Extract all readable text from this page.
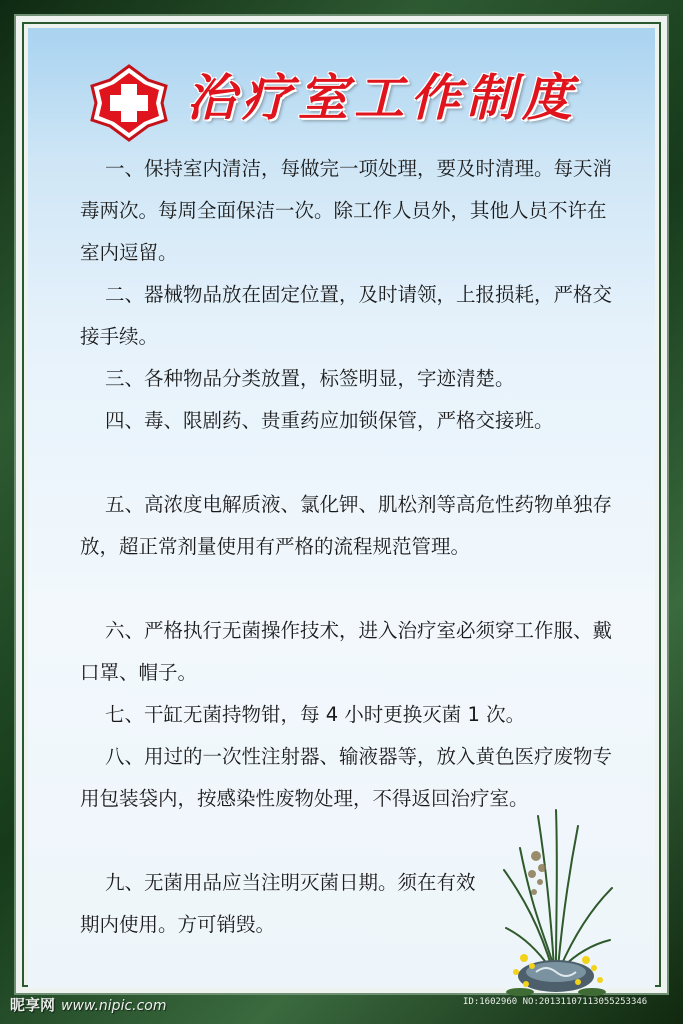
治疗室工作制度

一、保持室内清洁，每做完一项处理，要及时清理。每天消毒两次。每周全面保洁一次。除工作人员外，其他人员不许在室内逗留。

二、器械物品放在固定位置，及时请领，上报损耗，严格交接手续。

三、各种物品分类放置，标签明显，字迹清楚。

四、毒、限剧药、贵重药应加锁保管，严格交接班。

五、高浓度电解质液、氯化钾、肌松剂等高危性药物单独存放，超正常剂量使用有严格的流程规范管理。

六、严格执行无菌操作技术，进入治疗室必须穿工作服、戴口罩、帽子。

七、干缸无菌持物钳，每 4 小时更换灭菌 1 次。

八、用过的一次性注射器、输液器等，放入黄色医疗废物专用包装袋内，按感染性废物处理，不得返回治疗室。

九、无菌用品应当注明灭菌日期。须在有效期内使用。方可销毁。

昵享网 www.nipic.com	ID:1602960 NO:20131107113055253346
